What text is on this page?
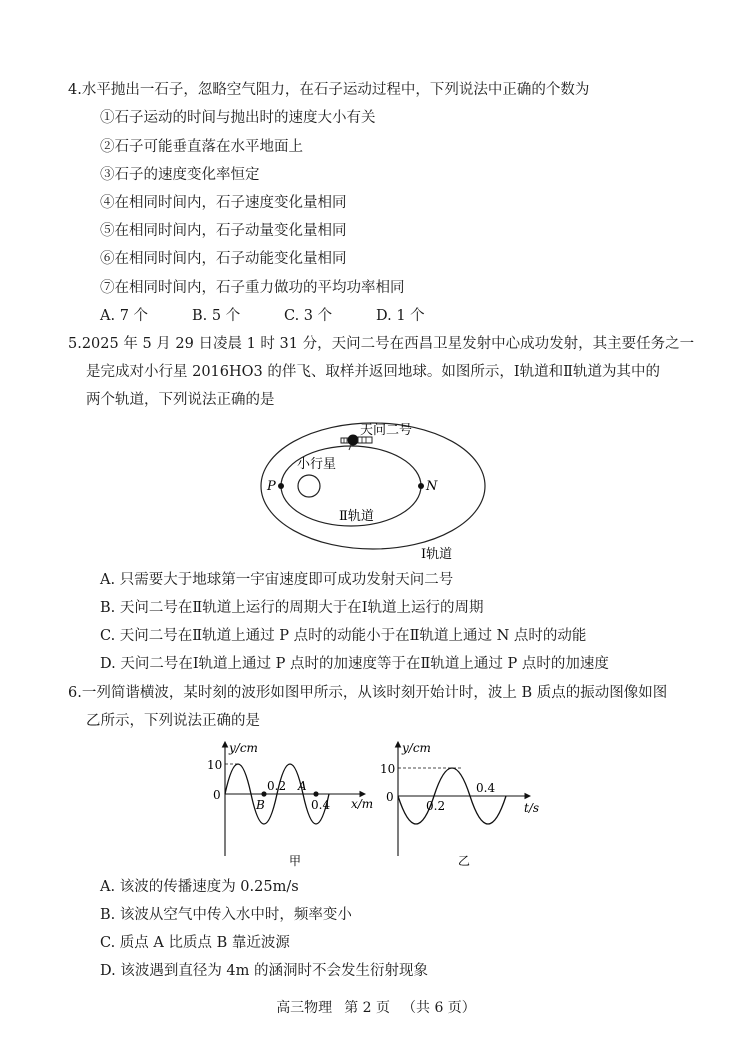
4.水平抛出一石子，忽略空气阻力，在石子运动过程中，下列说法中正确的个数为
①石子运动的时间与抛出时的速度大小有关
②石子可能垂直落在水平地面上
③石子的速度变化率恒定
④在相同时间内，石子速度变化量相同
⑤在相同时间内，石子动量变化量相同
⑥在相同时间内，石子动能变化量相同
⑦在相同时间内，石子重力做功的平均功率相同
A. 7 个	B. 5 个	C. 3 个	D. 1 个
5.2025 年 5 月 29 日凌晨 1 时 31 分，天问二号在西昌卫星发射中心成功发射，其主要任务之一
是完成对小行星 2016HO3 的伴飞、取样并返回地球。如图所示，Ⅰ轨道和Ⅱ轨道为其中的
两个轨道，下列说法正确的是
天问二号
小行星
P	N
Ⅱ轨道
Ⅰ轨道
A. 只需要大于地球第一宇宙速度即可成功发射天问二号
B. 天问二号在Ⅱ轨道上运行的周期大于在Ⅰ轨道上运行的周期
C. 天问二号在Ⅱ轨道上通过 P 点时的动能小于在Ⅱ轨道上通过 N 点时的动能
D. 天问二号在Ⅰ轨道上通过 P 点时的加速度等于在Ⅱ轨道上通过 P 点时的加速度
6.一列简谐横波，某时刻的波形如图甲所示，从该时刻开始计时，波上 B 质点的振动图像如图
乙所示，下列说法正确的是
y/cm
10
0
0.2
0.4
B
A
x/m
甲
y/cm
10
0
0.2
0.4
t/s
乙
A. 该波的传播速度为 0.25m/s
B. 该波从空气中传入水中时，频率变小
C. 质点 A 比质点 B 靠近波源
D. 该波遇到直径为 4m 的涵洞时不会发生衍射现象
高三物理 第 2 页 （共 6 页）
